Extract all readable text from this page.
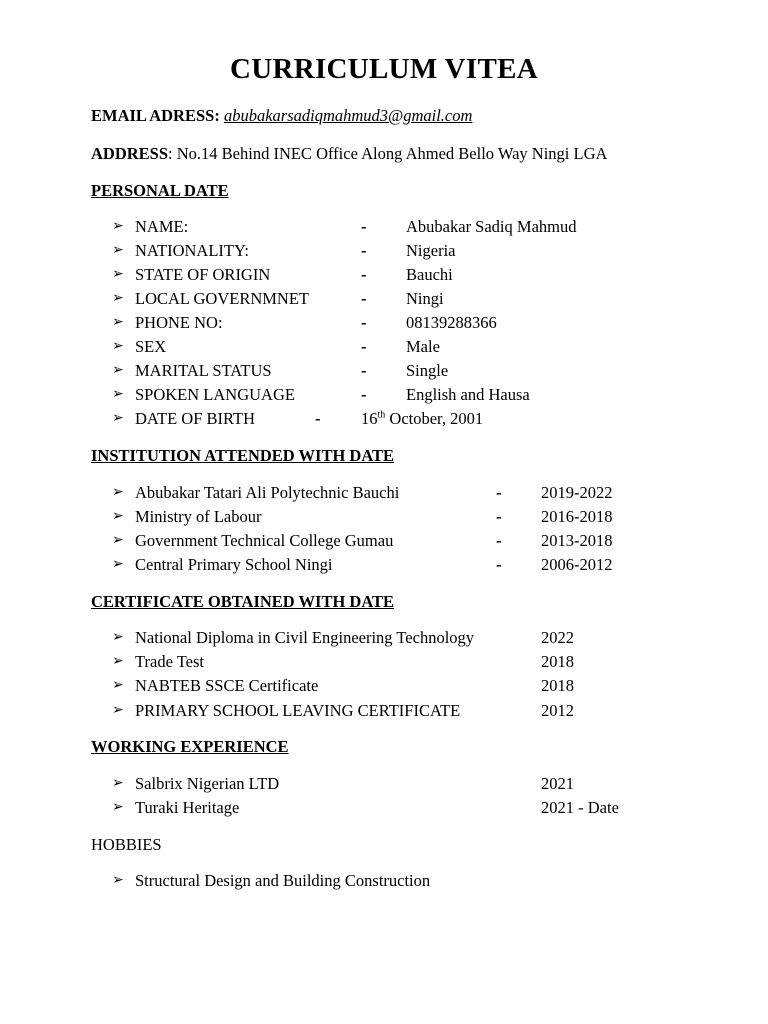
CURRICULUM VITEA
EMAIL ADRESS: abubakarsadiqmahmud3@gmail.com
ADDRESS: No.14 Behind INEC Office Along Ahmed Bello Way Ningi LGA
PERSONAL DATE
➢ NAME:	- Abubakar Sadiq Mahmud
➢ NATIONALITY:	- Nigeria
➢ STATE OF ORIGIN	- Bauchi
➢ LOCAL GOVERNMNET	- Ningi
➢ PHONE NO:	- 08139288366
➢ SEX	- Male
➢ MARITAL STATUS	- Single
➢ SPOKEN LANGUAGE	- English and Hausa
➢ DATE OF BIRTH	- 16th October, 2001
INSTITUTION ATTENDED WITH DATE
➢ Abubakar Tatari Ali Polytechnic Bauchi	- 2019-2022
➢ Ministry of Labour	- 2016-2018
➢ Government Technical College Gumau	- 2013-2018
➢ Central Primary School Ningi	- 2006-2012
CERTIFICATE OBTAINED WITH DATE
➢ National Diploma in Civil Engineering Technology	2022
➢ Trade Test	2018
➢ NABTEB SSCE Certificate	2018
➢ PRIMARY SCHOOL LEAVING CERTIFICATE	2012
WORKING EXPERIENCE
➢ Salbrix Nigerian LTD	2021
➢ Turaki Heritage	2021 - Date
HOBBIES
➢ Structural Design and Building Construction
